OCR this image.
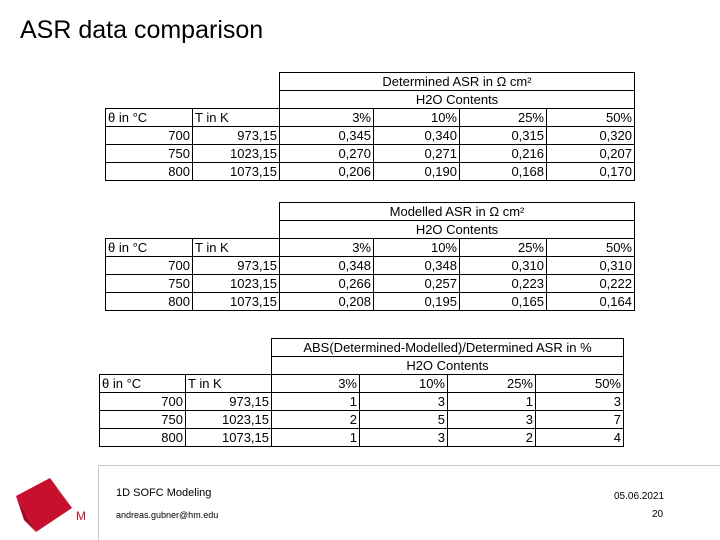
ASR data comparison
		Determined ASR in Ω cm²			
		H2O Contents			
θ in °C	T in K	3%	10%	25%	50%
700	973,15	0,345	0,340	0,315	0,320
750	1023,15	0,270	0,271	0,216	0,207
800	1073,15	0,206	0,190	0,168	0,170
		Modelled ASR in Ω cm²			
		H2O Contents			
θ in °C	T in K	3%	10%	25%	50%
700	973,15	0,348	0,348	0,310	0,310
750	1023,15	0,266	0,257	0,223	0,222
800	1073,15	0,208	0,195	0,165	0,164
		ABS(Determined-Modelled)/Determined ASR in %			
		H2O Contents			
θ in °C	T in K	3%	10%	25%	50%
700	973,15	1	3	1	3
750	1023,15	2	5	3	7
800	1073,15	1	3	2	4
M
1D SOFC Modeling
andreas.gubner@hm.edu
05.06.2021
20
